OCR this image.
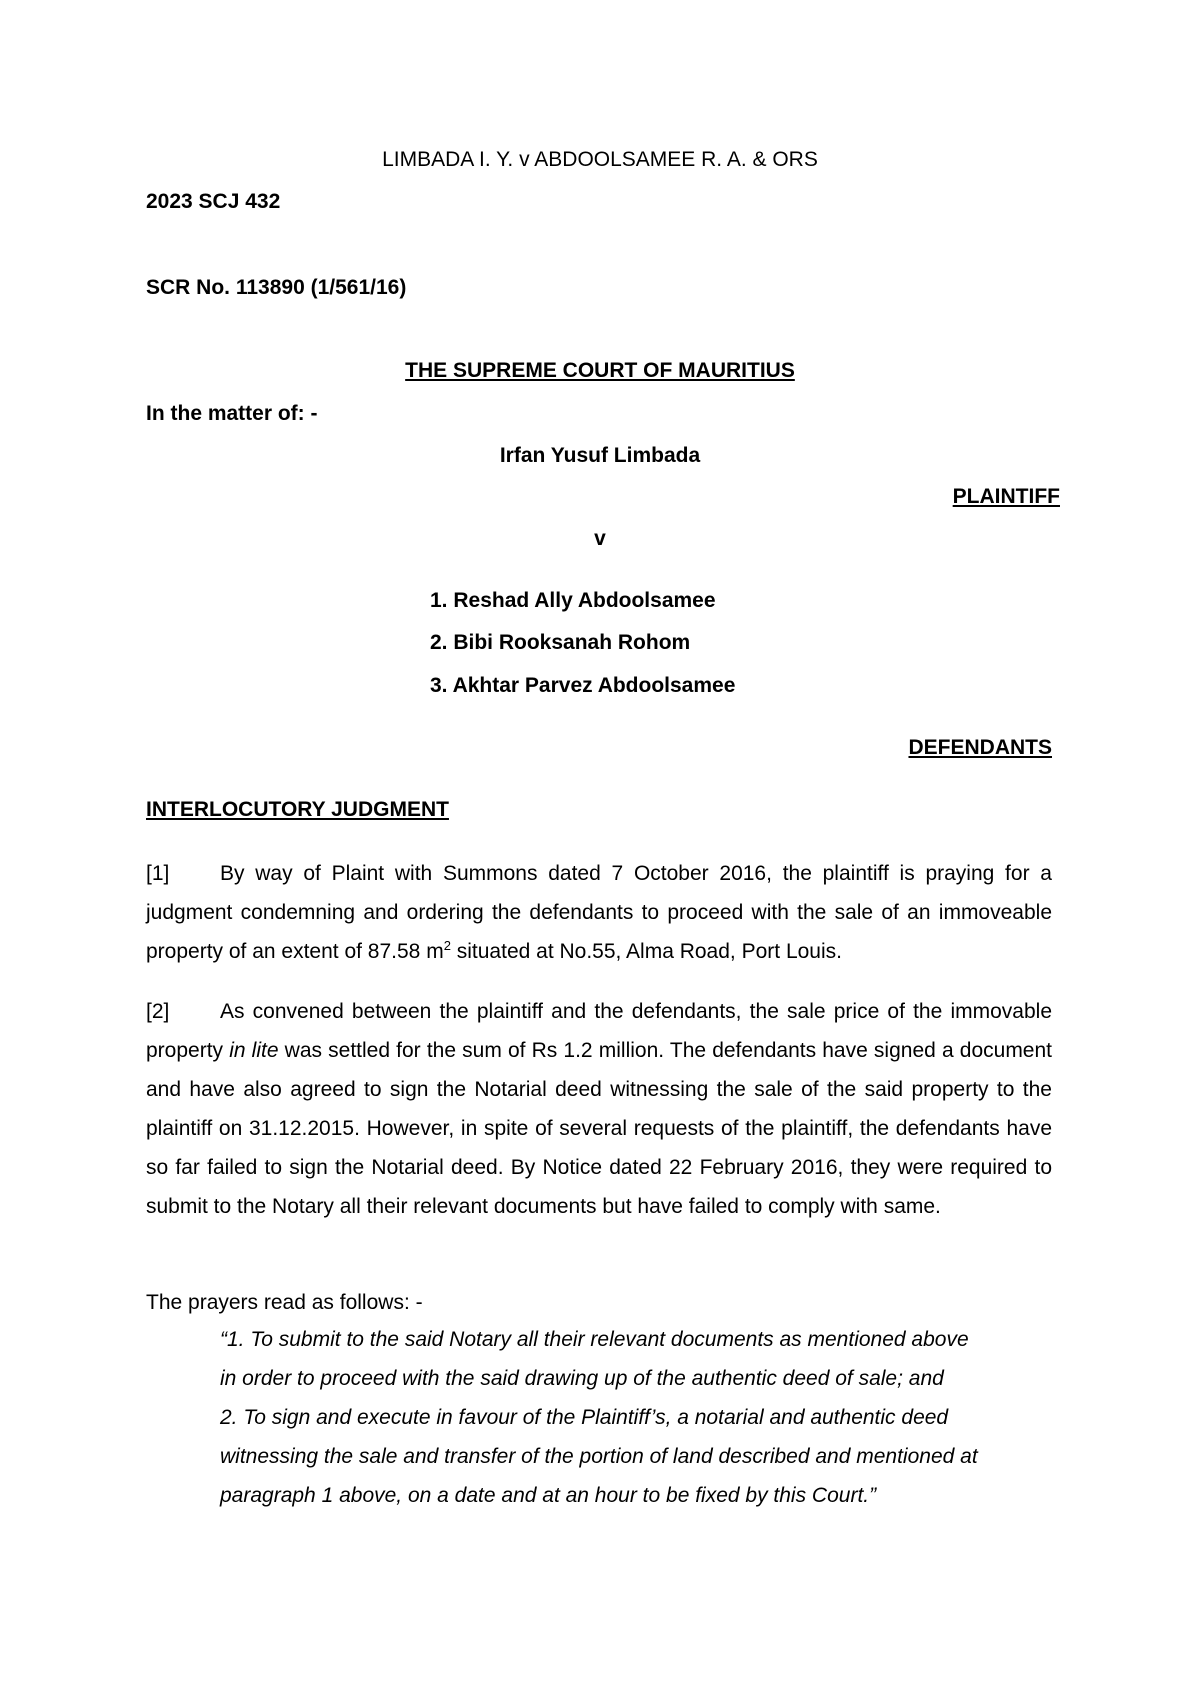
LIMBADA I. Y. v ABDOOLSAMEE R. A. & ORS
2023 SCJ 432
SCR No. 113890 (1/561/16)
THE SUPREME COURT OF MAURITIUS
In the matter of: -
Irfan Yusuf Limbada
PLAINTIFF
v
1. Reshad Ally Abdoolsamee
2. Bibi Rooksanah Rohom
3. Akhtar Parvez Abdoolsamee
DEFENDANTS
INTERLOCUTORY JUDGMENT
[1] By way of Plaint with Summons dated 7 October 2016, the plaintiff is praying for a judgment condemning and ordering the defendants to proceed with the sale of an immoveable property of an extent of 87.58 $m^2$ situated at No.55, Alma Road, Port Louis.
[2] As convened between the plaintiff and the defendants, the sale price of the immovable property in lite was settled for the sum of Rs 1.2 million. The defendants have signed a document and have also agreed to sign the Notarial deed witnessing the sale of the said property to the plaintiff on 31.12.2015. However, in spite of several requests of the plaintiff, the defendants have so far failed to sign the Notarial deed. By Notice dated 22 February 2016, they were required to submit to the Notary all their relevant documents but have failed to comply with same.
The prayers read as follows: -

“1. To submit to the said Notary all their relevant documents as mentioned above in order to proceed with the said drawing up of the authentic deed of sale; and

2. To sign and execute in favour of the Plaintiff’s, a notarial and authentic deed witnessing the sale and transfer of the portion of land described and mentioned at paragraph 1 above, on a date and at an hour to be fixed by this Court.”
